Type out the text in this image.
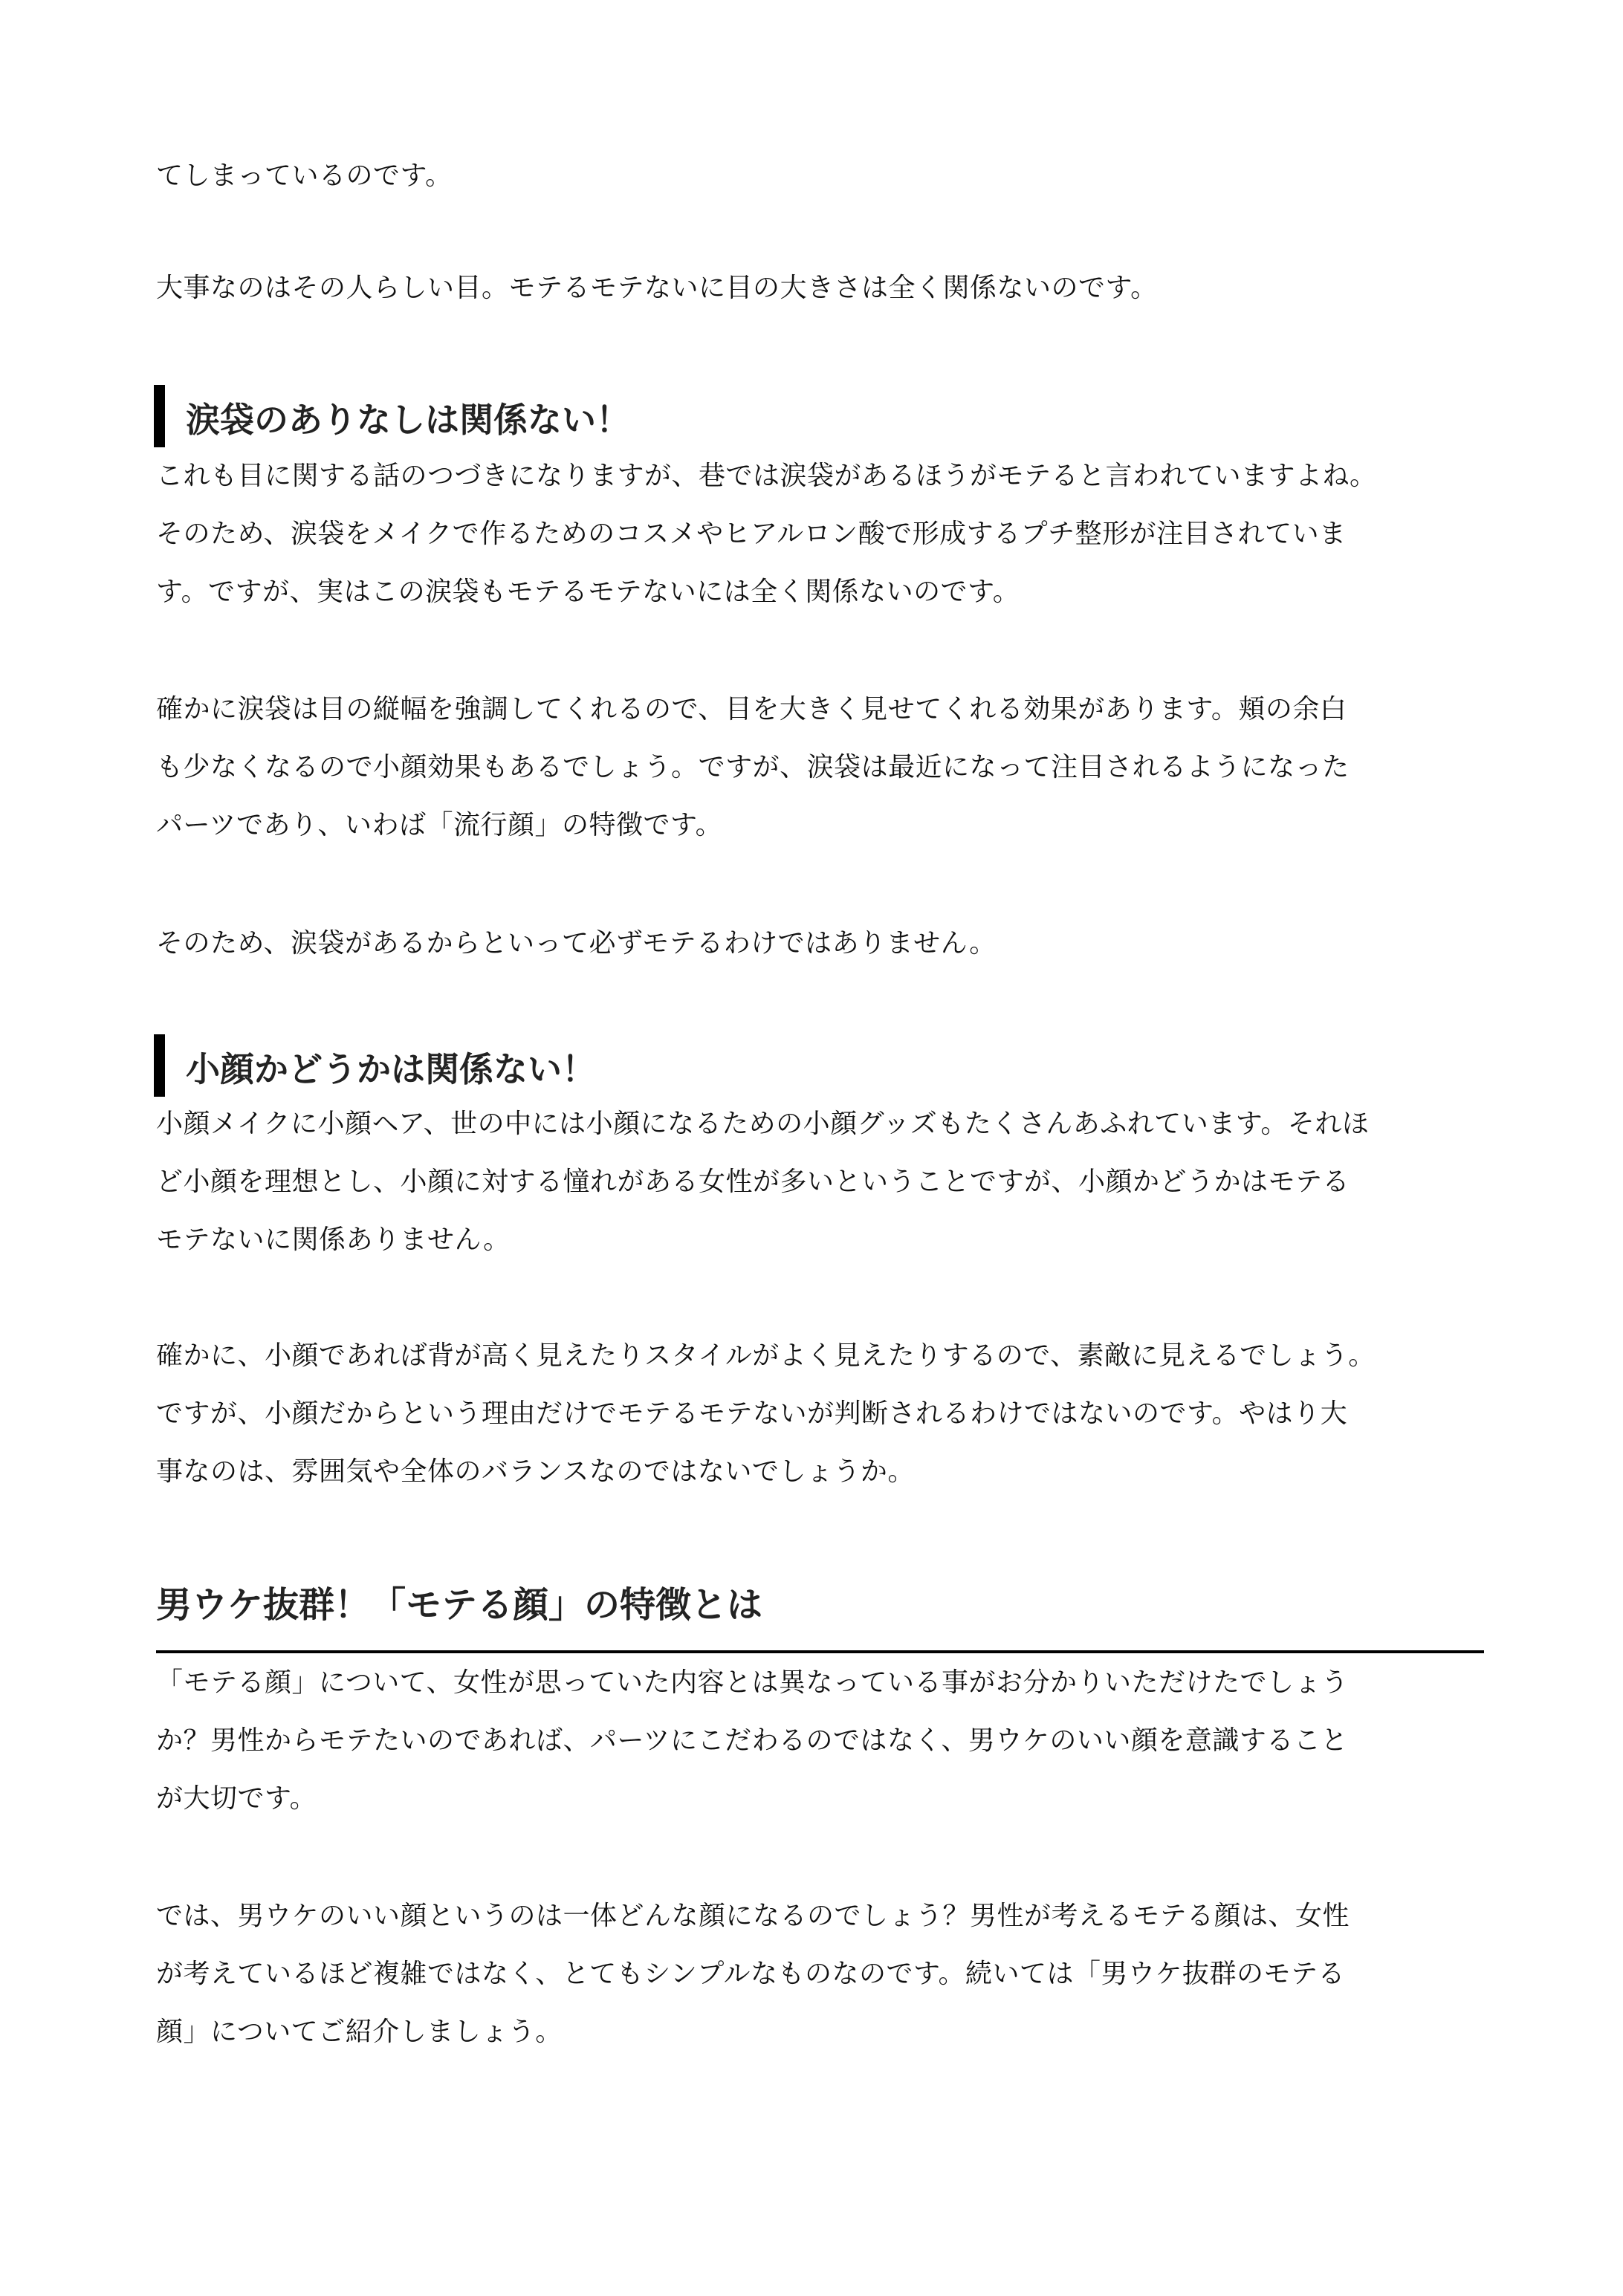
てしまっているのです。
大事なのはその人らしい目。モテるモテないに目の大きさは全く関係ないのです。
涙袋のありなしは関係ない！
これも目に関する話のつづきになりますが、巷では涙袋があるほうがモテると言われていますよね。
そのため、涙袋をメイクで作るためのコスメやヒアルロン酸で形成するプチ整形が注目されていま
す。ですが、実はこの涙袋もモテるモテないには全く関係ないのです。
確かに涙袋は目の縦幅を強調してくれるので、目を大きく見せてくれる効果があります。頬の余白
も少なくなるので小顔効果もあるでしょう。ですが、涙袋は最近になって注目されるようになった
パーツであり、いわば「流行顔」の特徴です。
そのため、涙袋があるからといって必ずモテるわけではありません。
小顔かどうかは関係ない！
小顔メイクに小顔ヘア、世の中には小顔になるための小顔グッズもたくさんあふれています。それほ
ど小顔を理想とし、小顔に対する憧れがある女性が多いということですが、小顔かどうかはモテる
モテないに関係ありません。
確かに、小顔であれば背が高く見えたりスタイルがよく見えたりするので、素敵に見えるでしょう。
ですが、小顔だからという理由だけでモテるモテないが判断されるわけではないのです。やはり大
事なのは、雰囲気や全体のバランスなのではないでしょうか。
男ウケ抜群！「モテる顔」の特徴とは
「モテる顔」について、女性が思っていた内容とは異なっている事がお分かりいただけたでしょう
か？男性からモテたいのであれば、パーツにこだわるのではなく、男ウケのいい顔を意識すること
が大切です。
では、男ウケのいい顔というのは一体どんな顔になるのでしょう？男性が考えるモテる顔は、女性
が考えているほど複雑ではなく、とてもシンプルなものなのです。続いては「男ウケ抜群のモテる
顔」についてご紹介しましょう。
